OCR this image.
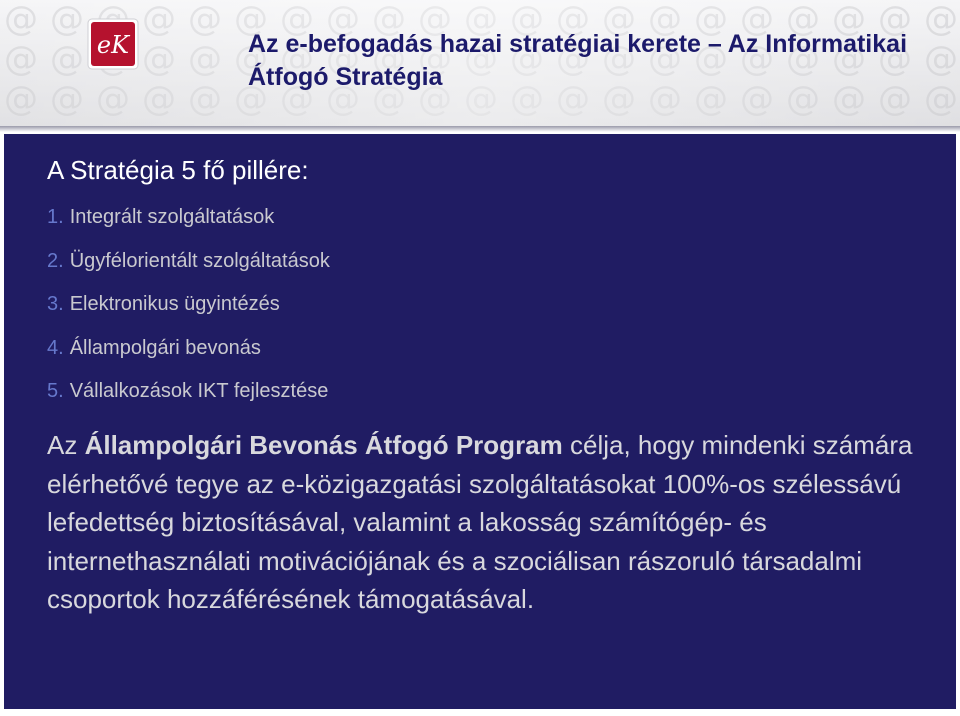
eK	Az e-befogadás hazai stratégiai kerete – Az Informatikai Átfogó Stratégia
A Stratégia 5 fő pillére:
1. Integrált szolgáltatások
2. Ügyfélorientált szolgáltatások
3. Elektronikus ügyintézés
4. Állampolgári bevonás
5. Vállalkozások IKT fejlesztése

Az Állampolgári Bevonás Átfogó Program célja, hogy mindenki számára elérhetővé tegye az e-közigazgatási szolgáltatásokat 100%-os szélessávú lefedettség biztosításával, valamint a lakosság számítógép- és internethasználati motivációjának és a szociálisan rászoruló társadalmi csoportok hozzáférésének támogatásával.
